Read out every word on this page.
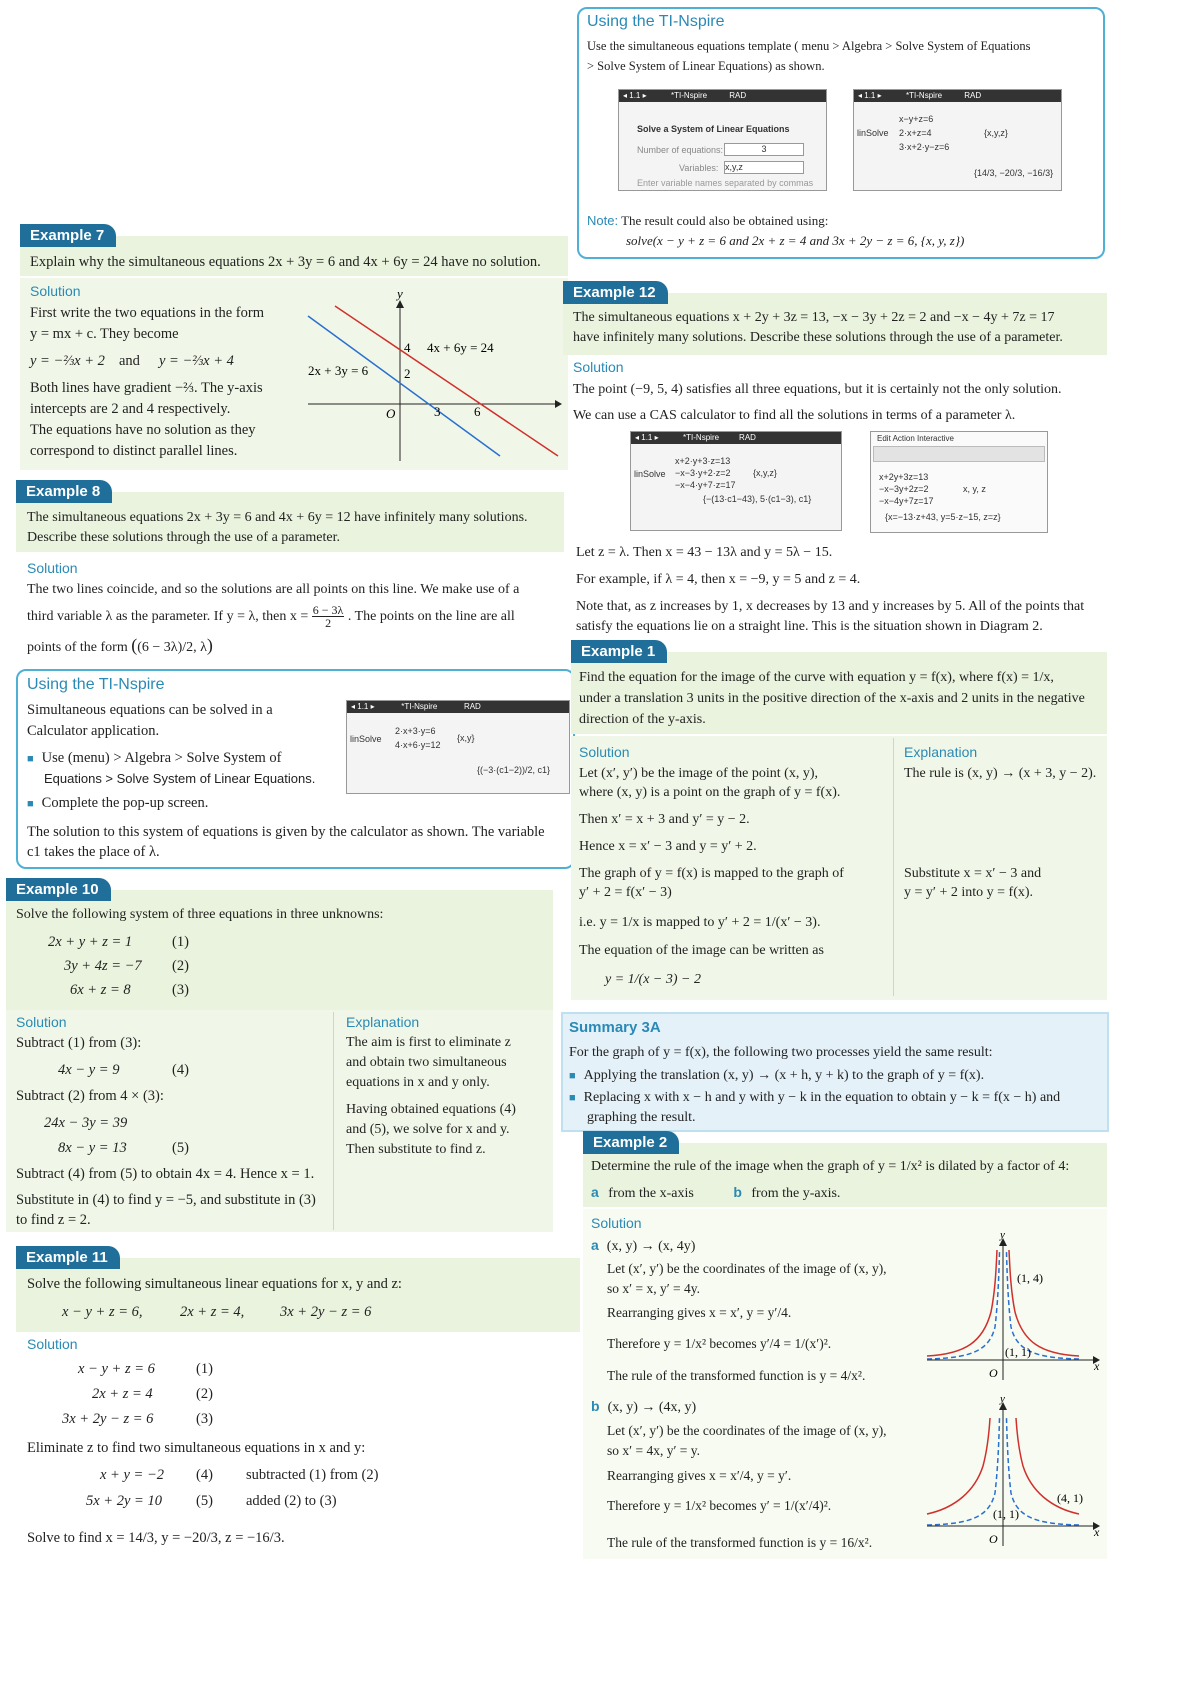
Using the TI-Nspire
Use the simultaneous equations template ( menu > Algebra > Solve System of Equations
> Solve System of Linear Equations) as shown.
◂ 1.1 ▸           *TI-Nspire          RAD
Solve a System of Linear Equations
Number of equations:	3
Variables: x,y,z
Enter variable names separated by commas
◂ 1.1 ▸           *TI-Nspire          RAD
linSolve
x−y+z=6
2·x+z=4
3·x+2·y−z=6
{x,y,z}
{14/3, −20/3, −16/3}
Note: The result could also be obtained using:
solve(x − y + z = 6 and 2x + z = 4 and 3x + 2y − z = 6, {x, y, z})
Example 7
Explain why the simultaneous equations 2x + 3y = 6 and 4x + 6y = 24 have no solution.
Solution
First write the two equations in the form
y = mx + c. They become
y = −⅔x + 2 and y = −⅔x + 4
Both lines have gradient −⅔. The y-axis
intercepts are 2 and 4 respectively.
The equations have no solution as they
correspond to distinct parallel lines.
y
O
4x + 6y = 24
2x + 3y = 6
4
2
3	6
Example 8
The simultaneous equations 2x + 3y = 6 and 4x + 6y = 12 have infinitely many solutions.
Describe these solutions through the use of a parameter.
Solution
The two lines coincide, and so the solutions are all points on this line. We make use of a
third variable λ as the parameter. If y = λ, then $x = \frac{6 - 3\lambda}{2}$ . The points on the line are all
points of the form ((6 − 3λ)/2, λ)
Using the TI-Nspire
Simultaneous equations can be solved in a
Calculator application.
■ Use (menu) > Algebra > Solve System of
Equations > Solve System of Linear Equations.
■ Complete the pop-up screen.
The solution to this system of equations is given by the calculator as shown. The variable
c1 takes the place of λ.
◂ 1.1 ▸            *TI-Nspire            RAD
linSolve
2·x+3·y=6
4·x+6·y=12
{x,y}
{(−3·(c1−2))/2, c1}
Example 10
Solve the following system of three equations in three unknowns:
2x + y + z = 1	(1)
3y + 4z = −7 (2)
6x + z = 8	(3)
Solution	Explanation
Subtract (1) from (3):
4x − y = 9	(4)
Subtract (2) from 4 × (3):
24x − 3y = 39
8x − y = 13	(5)
Subtract (4) from (5) to obtain 4x = 4. Hence x = 1.
Substitute in (4) to find y = −5, and substitute in (3)
to find z = 2.
The aim is first to eliminate z
and obtain two simultaneous
equations in x and y only.
Having obtained equations (4)
and (5), we solve for x and y.
Then substitute to find z.
Example 11
Solve the following simultaneous linear equations for x, y and z:
x − y + z = 6,	2x + z = 4, 3x + 2y − z = 6
Solution
x − y + z = 6	(1)
2x + z = 4	(2)
3x + 2y − z = 6	(3)
Eliminate z to find two simultaneous equations in x and y:
x + y = −2 (4) subtracted (1) from (2)
5x + 2y = 10 (5) added (2) to (3)
Solve to find x = 14/3, y = −20/3, z = −16/3.
Example 12
The simultaneous equations x + 2y + 3z = 13, −x − 3y + 2z = 2 and −x − 4y + 7z = 17
have infinitely many solutions. Describe these solutions through the use of a parameter.
Solution
The point (−9, 5, 4) satisfies all three equations, but it is certainly not the only solution.
We can use a CAS calculator to find all the solutions in terms of a parameter λ.
◂ 1.1 ▸           *TI-Nspire         RAD
linSolve
x+2·y+3·z=13
−x−3·y+2·z=2
−x−4·y+7·z=17
{x,y,z}
{−(13·c1−43), 5·(c1−3), c1}
Edit Action Interactive
x+2y+3z=13
−x−3y+2z=2
−x−4y+7z=17
x, y, z
{x=−13·z+43, y=5·z−15, z=z}
Let z = λ. Then x = 43 − 13λ and y = 5λ − 15.
For example, if λ = 4, then x = −9, y = 5 and z = 4.
Note that, as z increases by 1, x decreases by 13 and y increases by 5. All of the points that
satisfy the equations lie on a straight line. This is the situation shown in Diagram 2.
Example 1
Find the equation for the image of the curve with equation y = f(x), where f(x) = 1/x,
under a translation 3 units in the positive direction of the x-axis and 2 units in the negative
direction of the y-axis.
Solution	Explanation
Let (x′, y′) be the image of the point (x, y),
where (x, y) is a point on the graph of y = f(x).
Then x′ = x + 3 and y′ = y − 2.
Hence x = x′ − 3 and y = y′ + 2.
The graph of y = f(x) is mapped to the graph of
y′ + 2 = f(x′ − 3)
i.e. y = 1/x is mapped to y′ + 2 = 1/(x′ − 3).
The equation of the image can be written as
y = 1/(x − 3) − 2
The rule is (x, y) → (x + 3, y − 2).
Substitute x = x′ − 3 and
y = y′ + 2 into y = f(x).
Summary 3A
For the graph of y = f(x), the following two processes yield the same result:
■ Applying the translation (x, y) → (x + h, y + k) to the graph of y = f(x).
■ Replacing x with x − h and y with y − k in the equation to obtain y − k = f(x − h) and
graphing the result.
Example 2
Determine the rule of the image when the graph of y = 1/x² is dilated by a factor of 4:
a from the x-axis	b from the y-axis.
Solution
a (x, y) → (x, 4y)
Let (x′, y′) be the coordinates of the image of (x, y),
so x′ = x, y′ = 4y.
Rearranging gives x = x′, y = y′/4.
Therefore y = 1/x² becomes y′/4 = 1/(x′)².
The rule of the transformed function is y = 4/x².
b (x, y) → (4x, y)
Let (x′, y′) be the coordinates of the image of (x, y),
so x′ = 4x, y′ = y.
Rearranging gives x = x′/4, y = y′.
Therefore y = 1/x² becomes y′ = 1/(x′/4)².
The rule of the transformed function is y = 16/x².
y
x
O
(1, 4)
(1, 1)
y
x
O
(4, 1)
(1, 1)
